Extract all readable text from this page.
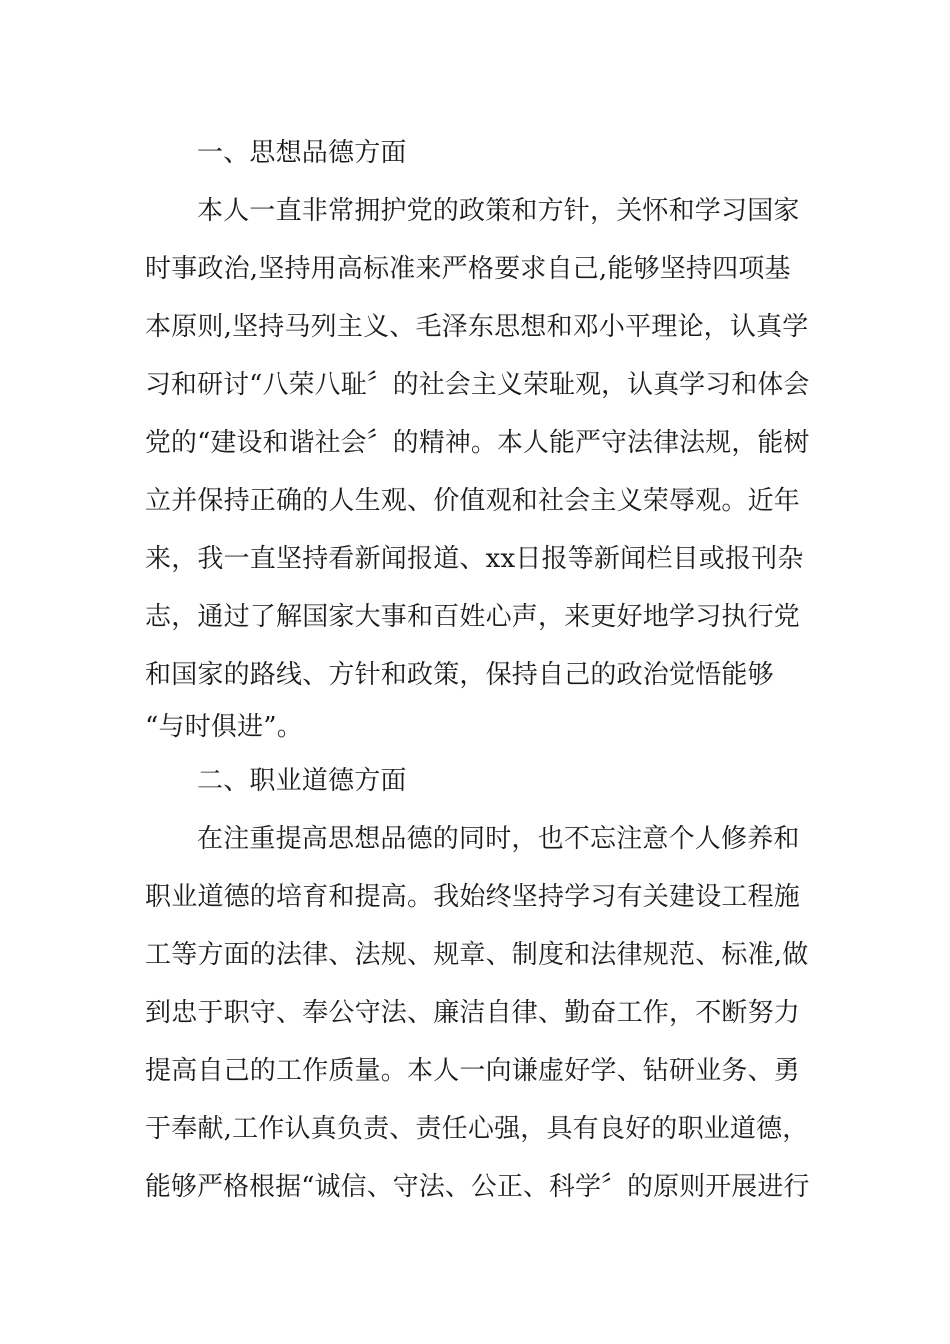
一、思想品德方面
本人一直非常拥护党的政策和方针，关怀和学习国家
时事政治,坚持用高标准来严格要求自己,能够坚持四项基
本原则,坚持马列主义、毛泽东思想和邓小平理论，认真学
习和研讨“八荣八耻〞的社会主义荣耻观，认真学习和体会
党的“建设和谐社会〞的精神。本人能严守法律法规，能树
立并保持正确的人生观、价值观和社会主义荣辱观。近年
来，我一直坚持看新闻报道、xx日报等新闻栏目或报刊杂
志，通过了解国家大事和百姓心声，来更好地学习执行党
和国家的路线、方针和政策，保持自己的政治觉悟能够
“与时俱进”。
二、职业道德方面
在注重提高思想品德的同时，也不忘注意个人修养和
职业道德的培育和提高。我始终坚持学习有关建设工程施
工等方面的法律、法规、规章、制度和法律规范、标准,做
到忠于职守、奉公守法、廉洁自律、勤奋工作，不断努力
提高自己的工作质量。本人一向谦虚好学、钻研业务、勇
于奉献,工作认真负责、责任心强，具有良好的职业道德，
能够严格根据“诚信、守法、公正、科学〞的原则开展进行
